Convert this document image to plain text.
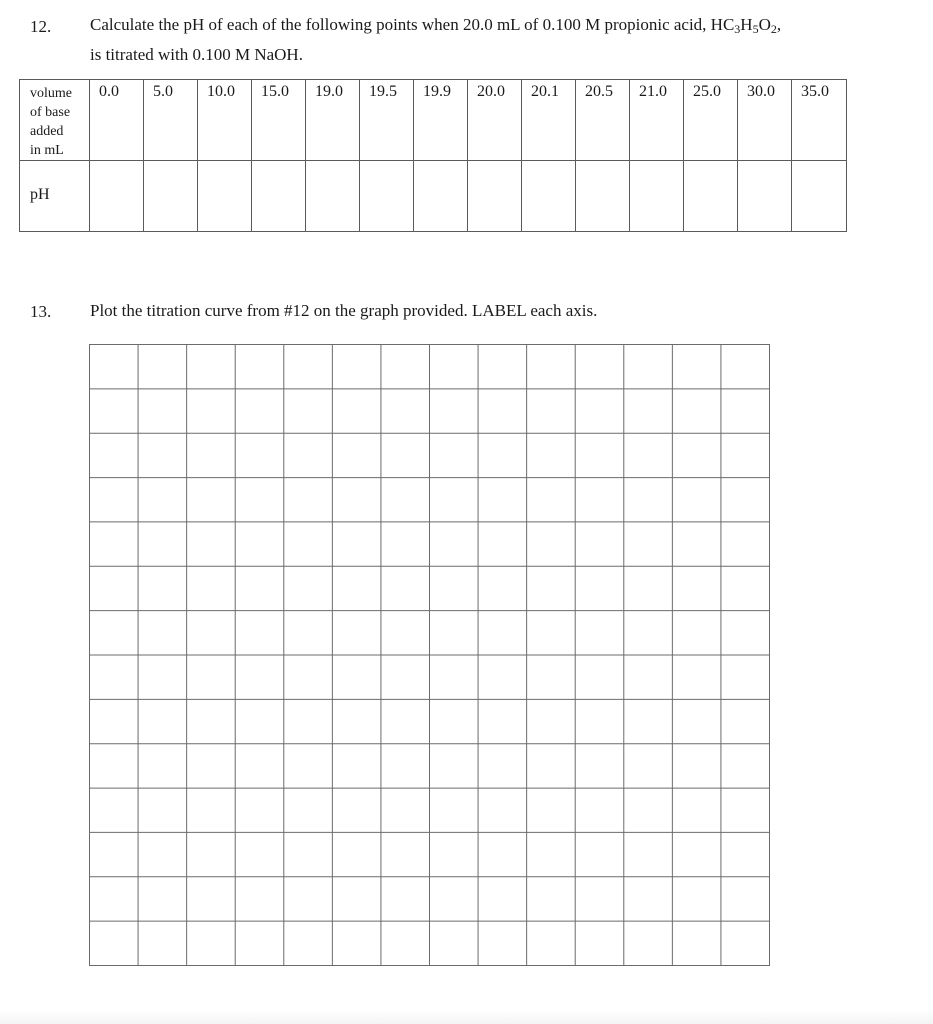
12. Calculate the pH of each of the following points when 20.0 mL of 0.100 M propionic acid, $HC_3H_5O_2$,
is titrated with 0.100 M NaOH.
volume
of base
added
in mL	0.0	5.0	10.0	15.0	19.0	19.5	19.9	20.0	20.1	20.5	21.0	25.0	30.0	35.0
pH														
13. Plot the titration curve from #12 on the graph provided. LABEL each axis.
